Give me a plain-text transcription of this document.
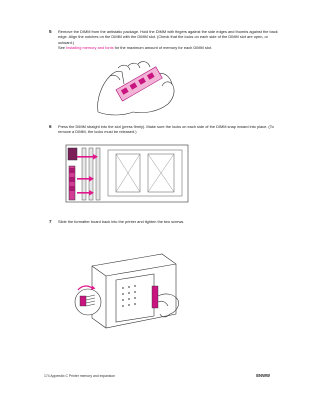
5 Remove the DIMM from the antistatic package. Hold the DIMM with fingers against the side edges and thumbs against the back edge. Align the notches on the DIMM with the DIMM slot. (Check that the locks on each side of the DIMM slot are open, or outward.)
See Installing memory and fonts for the maximum amount of memory for each DIMM slot.

6 Press the DIMM straight into the slot (press firmly). Make sure the locks on each side of the DIMM snap inward into place. (To remove a DIMM, the locks must be released.)

7 Slide the formatter board back into the printer and tighten the two screws.

174 Appendix C Printer memory and expansion	ENWW
